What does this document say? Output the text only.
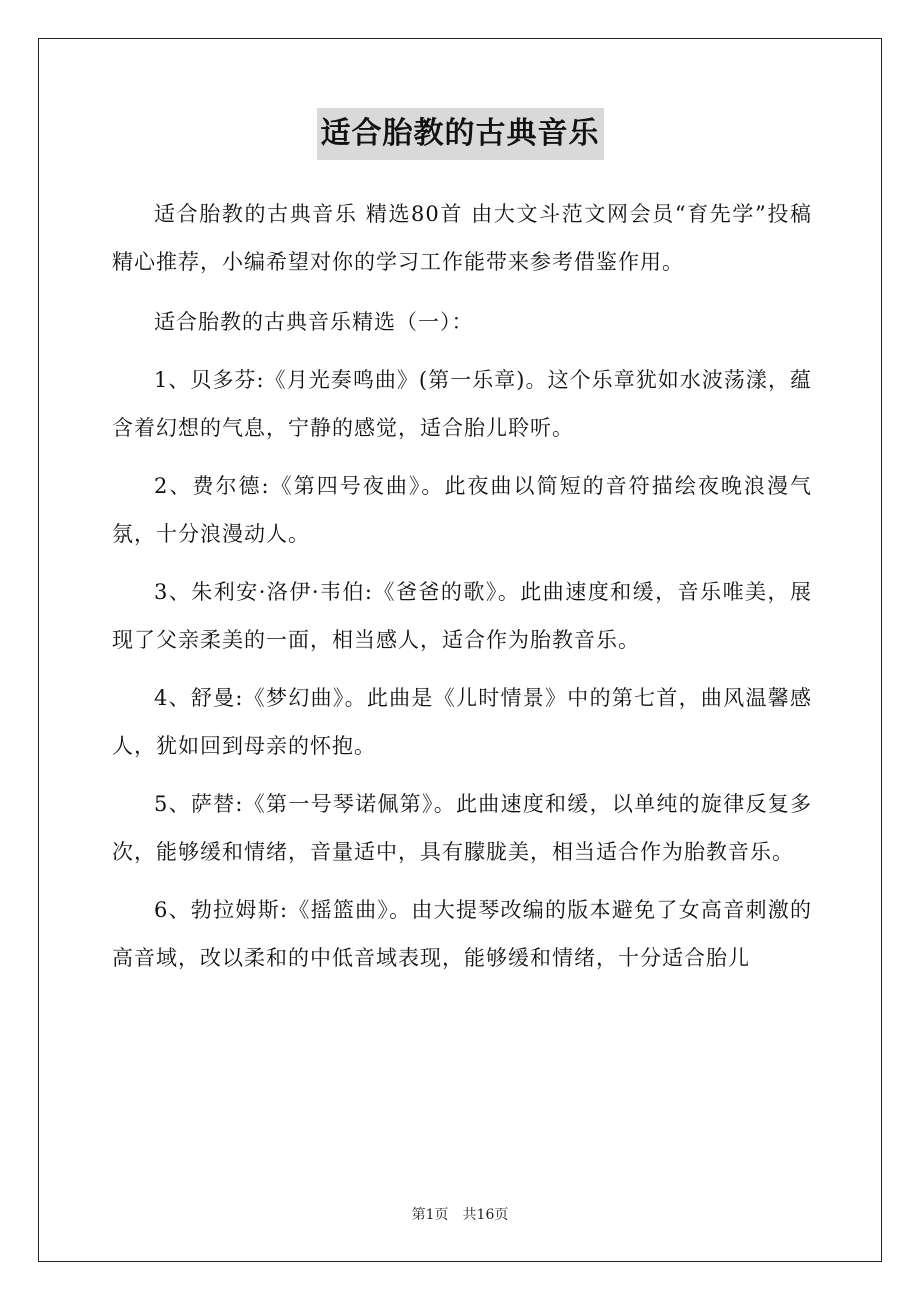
适合胎教的古典音乐

适合胎教的古典音乐 精选80首 由大文斗范文网会员“育先学”投稿精心推荐，小编希望对你的学习工作能带来参考借鉴作用。

适合胎教的古典音乐精选（一）：

1、贝多芬:《月光奏鸣曲》(第一乐章)。这个乐章犹如水波荡漾，蕴含着幻想的气息，宁静的感觉，适合胎儿聆听。

2、费尔德:《第四号夜曲》。此夜曲以简短的音符描绘夜晚浪漫气氛，十分浪漫动人。

3、朱利安·洛伊·韦伯:《爸爸的歌》。此曲速度和缓，音乐唯美，展现了父亲柔美的一面，相当感人，适合作为胎教音乐。

4、舒曼:《梦幻曲》。此曲是《儿时情景》中的第七首，曲风温馨感人，犹如回到母亲的怀抱。

5、萨替:《第一号琴诺佩第》。此曲速度和缓，以单纯的旋律反复多次，能够缓和情绪，音量适中，具有朦胧美，相当适合作为胎教音乐。

6、勃拉姆斯:《摇篮曲》。由大提琴改编的版本避免了女高音刺激的高音域，改以柔和的中低音域表现，能够缓和情绪，十分适合胎儿

第1页　共16页
